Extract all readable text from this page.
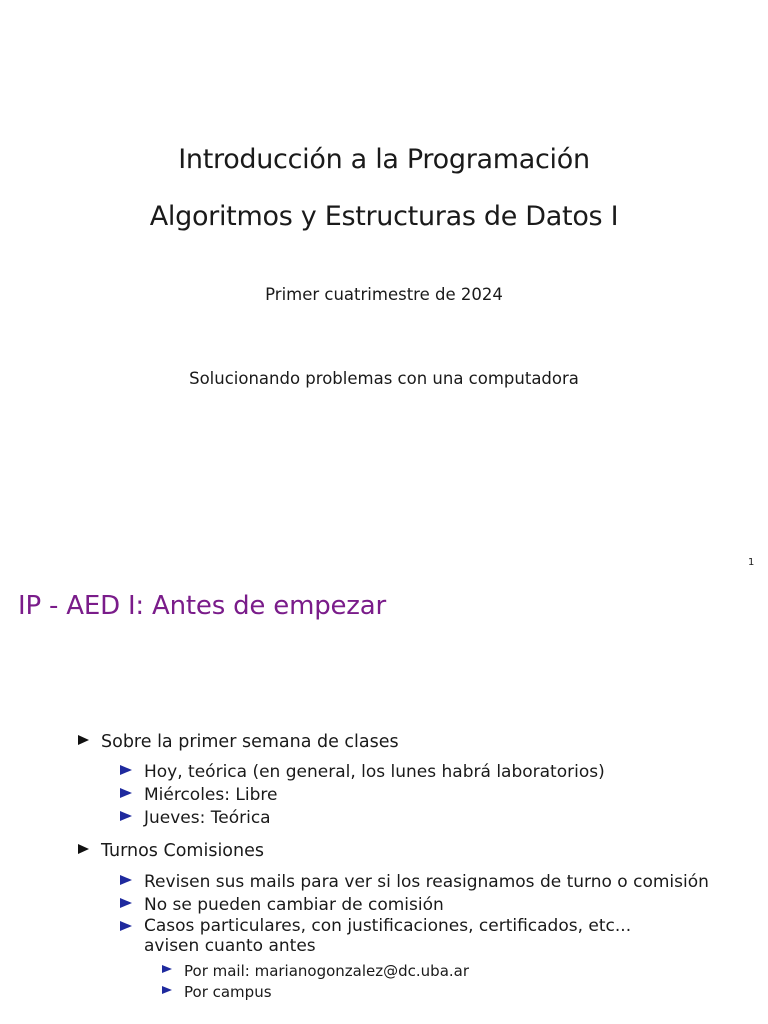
Introducción a la Programación
Algoritmos y Estructuras de Datos I
Primer cuatrimestre de 2024
Solucionando problemas con una computadora
1
IP - AED I: Antes de empezar
Sobre la primer semana de clases
Hoy, teórica (en general, los lunes habrá laboratorios)
Miércoles: Libre
Jueves: Teórica
Turnos Comisiones
Revisen sus mails para ver si los reasignamos de turno o comisión
No se pueden cambiar de comisión
Casos particulares, con justificaciones, certificados, etc... avisen cuanto antes
Por mail: marianogonzalez@dc.uba.ar
Por campus
